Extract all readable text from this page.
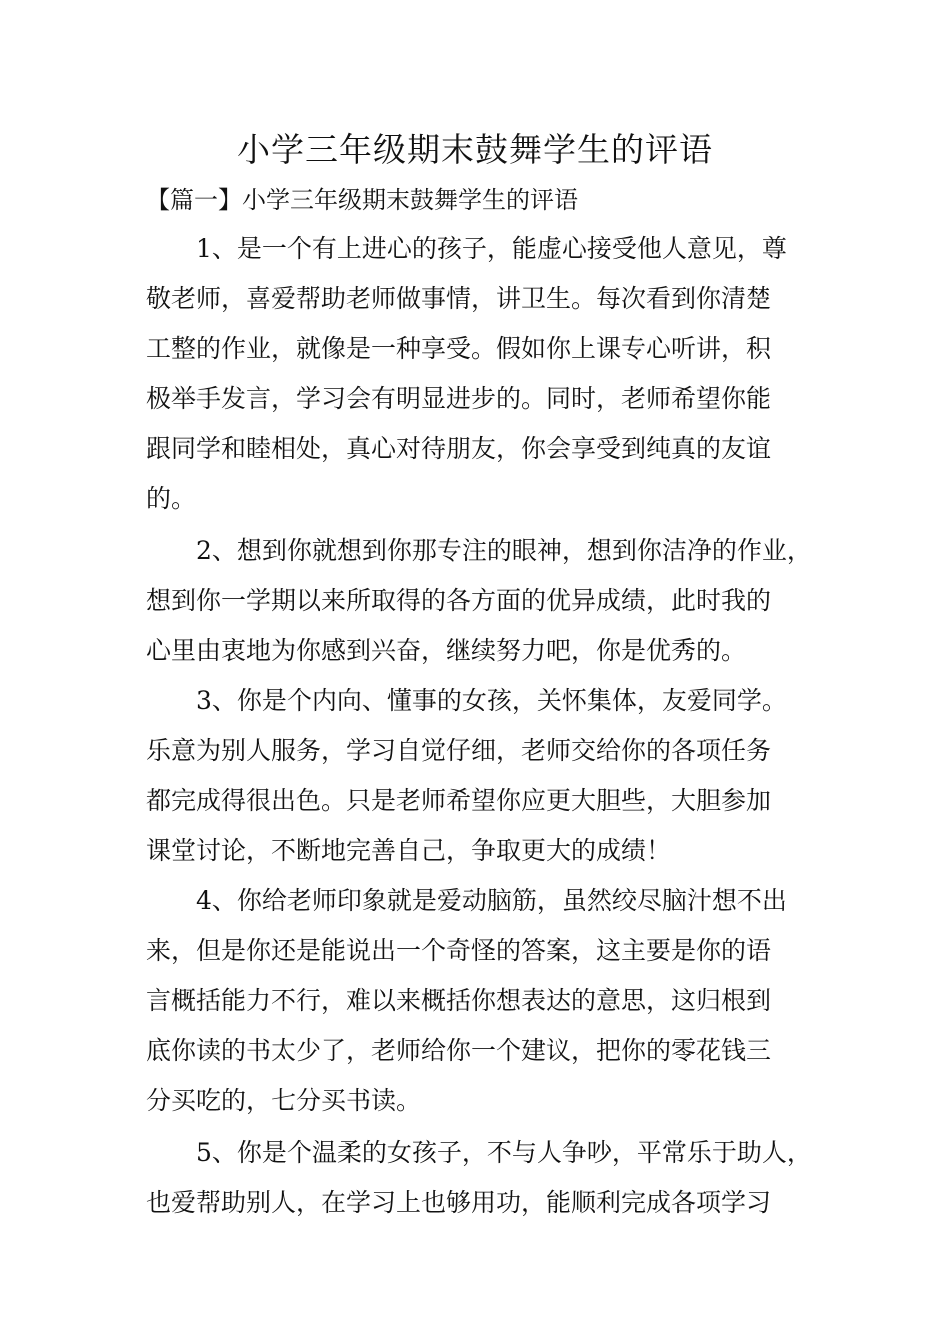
小学三年级期末鼓舞学生的评语

【篇一】小学三年级期末鼓舞学生的评语

1、是一个有上进心的孩子，能虚心接受他人意见，尊

敬老师，喜爱帮助老师做事情，讲卫生。每次看到你清楚

工整的作业，就像是一种享受。假如你上课专心听讲，积

极举手发言，学习会有明显进步的。同时，老师希望你能

跟同学和睦相处，真心对待朋友，你会享受到纯真的友谊

的。

2、想到你就想到你那专注的眼神，想到你洁净的作业，

想到你一学期以来所取得的各方面的优异成绩，此时我的

心里由衷地为你感到兴奋，继续努力吧，你是优秀的。

3、你是个内向、懂事的女孩，关怀集体，友爱同学。

乐意为别人服务，学习自觉仔细，老师交给你的各项任务

都完成得很出色。只是老师希望你应更大胆些，大胆参加

课堂讨论，不断地完善自己，争取更大的成绩！

4、你给老师印象就是爱动脑筋，虽然绞尽脑汁想不出

来，但是你还是能说出一个奇怪的答案，这主要是你的语

言概括能力不行，难以来概括你想表达的意思，这归根到

底你读的书太少了，老师给你一个建议，把你的零花钱三

分买吃的，七分买书读。

5、你是个温柔的女孩子，不与人争吵，平常乐于助人，

也爱帮助别人，在学习上也够用功，能顺利完成各项学习
